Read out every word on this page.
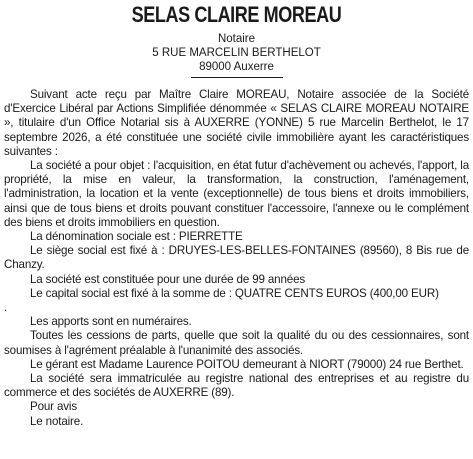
SELAS CLAIRE MOREAU
Notaire
5 RUE MARCELIN BERTHELOT
89000 Auxerre

Suivant acte reçu par Maître Claire MOREAU, Notaire associée de la Société d'Exercice Libéral par Actions Simplifiée dénommée « SELAS CLAIRE MOREAU NOTAIRE », titulaire d'un Office Notarial sis à AUXERRE (YONNE) 5 rue Marcelin Berthelot, le 17 septembre 2026, a été constituée une société civile immobilière ayant les caractéristiques suivantes :

La société a pour objet : l'acquisition, en état futur d'achèvement ou achevés, l'apport, la propriété, la mise en valeur, la transformation, la construction, l'aménagement, l'administration, la location et la vente (exceptionnelle) de tous biens et droits immobiliers, ainsi que de tous biens et droits pouvant constituer l'accessoire, l'annexe ou le complément des biens et droits immobiliers en question.

La dénomination sociale est : PIERRETTE

Le siège social est fixé à : DRUYES-LES-BELLES-FONTAINES (89560), 8 Bis rue de Chanzy.

La société est constituée pour une durée de 99 années

Le capital social est fixé à la somme de : QUATRE CENTS EUROS (400,00 EUR)

.

Les apports sont en numéraires.

Toutes les cessions de parts, quelle que soit la qualité du ou des cessionnaires, sont soumises à l'agrément préalable à l'unanimité des associés.

Le gérant est Madame Laurence POITOU demeurant à NIORT (79000) 24 rue Berthet.

La société sera immatriculée au registre national des entreprises et au registre du commerce et des sociétés de AUXERRE (89).

Pour avis

Le notaire.
